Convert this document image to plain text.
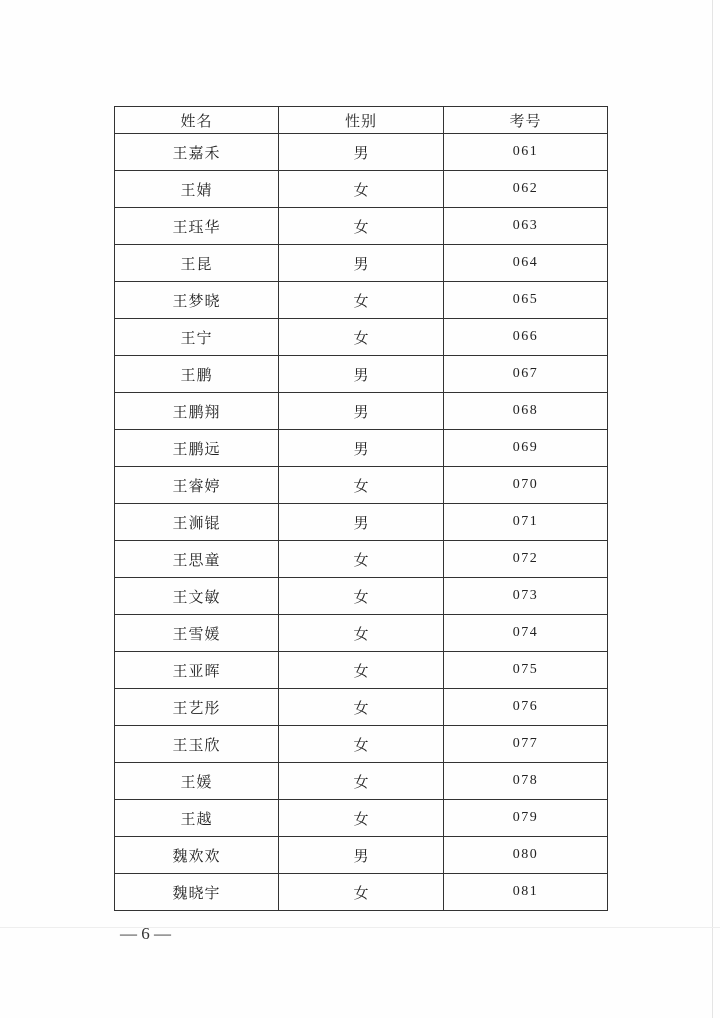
姓名	性别	考号
王嘉禾	男	061
王婧	女	062
王珏华	女	063
王昆	男	064
王梦晓	女	065
王宁	女	066
王鹏	男	067
王鹏翔	男	068
王鹏远	男	069
王睿婷	女	070
王浉锟	男	071
王思童	女	072
王文敏	女	073
王雪媛	女	074
王亚晖	女	075
王艺彤	女	076
王玉欣	女	077
王媛	女	078
王越	女	079
魏欢欢	男	080
魏晓宇	女	081
— 6 —
